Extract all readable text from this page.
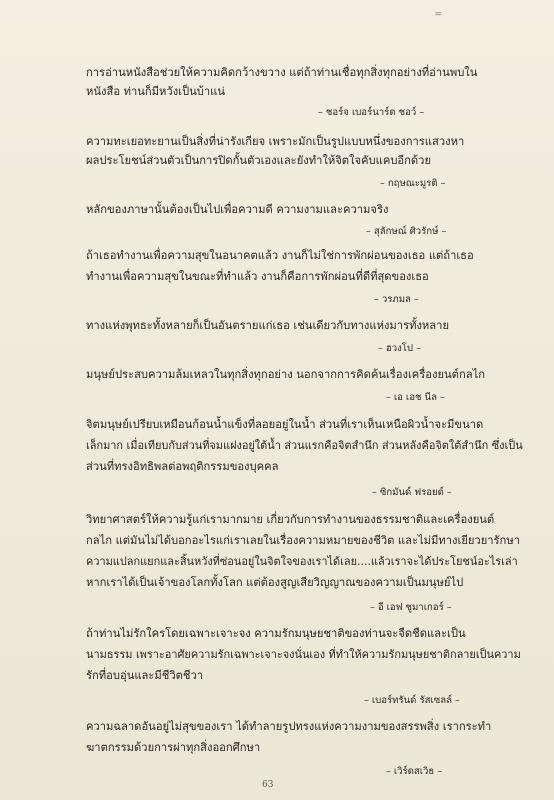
=
การอ่านหนังสือช่วยให้ความคิดกว้างขวาง แต่ถ้าท่านเชื่อทุกสิ่งทุกอย่างที่อ่านพบใน
หนังสือ ท่านก็มีหวังเป็นบ้าแน่
– ชอร์จ เบอร์นาร์ด ชอว์ –
ความทะเยอทะยานเป็นสิ่งที่น่ารังเกียจ เพราะมักเป็นรูปแบบหนึ่งของการแสวงหา
ผลประโยชน์ส่วนตัวเป็นการปิดกั้นตัวเองและยังทำให้จิตใจคับแคบอีกด้วย
– กฤษณะมูรติ –
หลักของภาษานั้นต้องเป็นไปเพื่อความดี ความงามและความจริง
– สุลักษณ์ ศิวรักษ์ –
ถ้าเธอทำงานเพื่อความสุขในอนาคตแล้ว งานก็ไม่ใช่การพักผ่อนของเธอ แต่ถ้าเธอ
ทำงานเพื่อความสุขในขณะที่ทำแล้ว งานก็คือการพักผ่อนที่ดีที่สุดของเธอ
– วรภมล –
ทางแห่งพุทธะทั้งหลายก็เป็นอันตรายแก่เธอ เช่นเดียวกับทางแห่งมารทั้งหลาย
– ฮวงโป –
มนุษย์ประสบความล้มเหลวในทุกสิ่งทุกอย่าง นอกจากการคิดค้นเรื่องเครื่องยนต์กลไก
– เอ เอช นีล –
จิตมนุษย์เปรียบเหมือนก้อนน้ำแข็งที่ลอยอยู่ในน้ำ ส่วนที่เราเห็นเหนือผิวน้ำจะมีขนาด
เล็กมาก เมื่อเทียบกับส่วนที่จมแฝงอยู่ใต้น้ำ ส่วนแรกคือจิตสำนึก ส่วนหลังคือจิตใต้สำนึก ซึ่งเป็น
ส่วนที่ทรงอิทธิพลต่อพฤติกรรมของบุคคล
– ซิกมันด์ ฟรอยด์ –
วิทยาศาสตร์ให้ความรู้แก่เรามากมาย เกี่ยวกับการทำงานของธรรมชาติและเครื่องยนต์
กลไก แต่มันไม่ได้บอกอะไรแก่เราเลยในเรื่องความหมายของชีวิต และไม่มีทางเยียวยารักษา
ความแปลกแยกและสิ้นหวังที่ซ่อนอยู่ในจิตใจของเราได้เลย....แล้วเราจะได้ประโยชน์อะไรเล่า
หากเราได้เป็นเจ้าของโลกทั้งโลก แต่ต้องสูญเสียวิญญาณของความเป็นมนุษย์ไป
– อี เอฟ ชูมาเกอร์ –
ถ้าท่านไม่รักใครโดยเฉพาะเจาะจง ความรักมนุษยชาติของท่านจะจืดชืดและเป็น
นามธรรม เพราะอาศัยความรักเฉพาะเจาะจงนั่นเอง ที่ทำให้ความรักมนุษยชาติกลายเป็นความ
รักที่อบอุ่นและมีชีวิตชีวา
– เบอร์ทรันด์ รัสเซลล์ –
ความฉลาดอันอยู่ไม่สุขของเรา ได้ทำลายรูปทรงแห่งความงามของสรรพสิ่ง เรากระทำ
ฆาตกรรมด้วยการผ่าทุกสิ่งออกศึกษา
– เวิร์ดสเวิธ –
63
